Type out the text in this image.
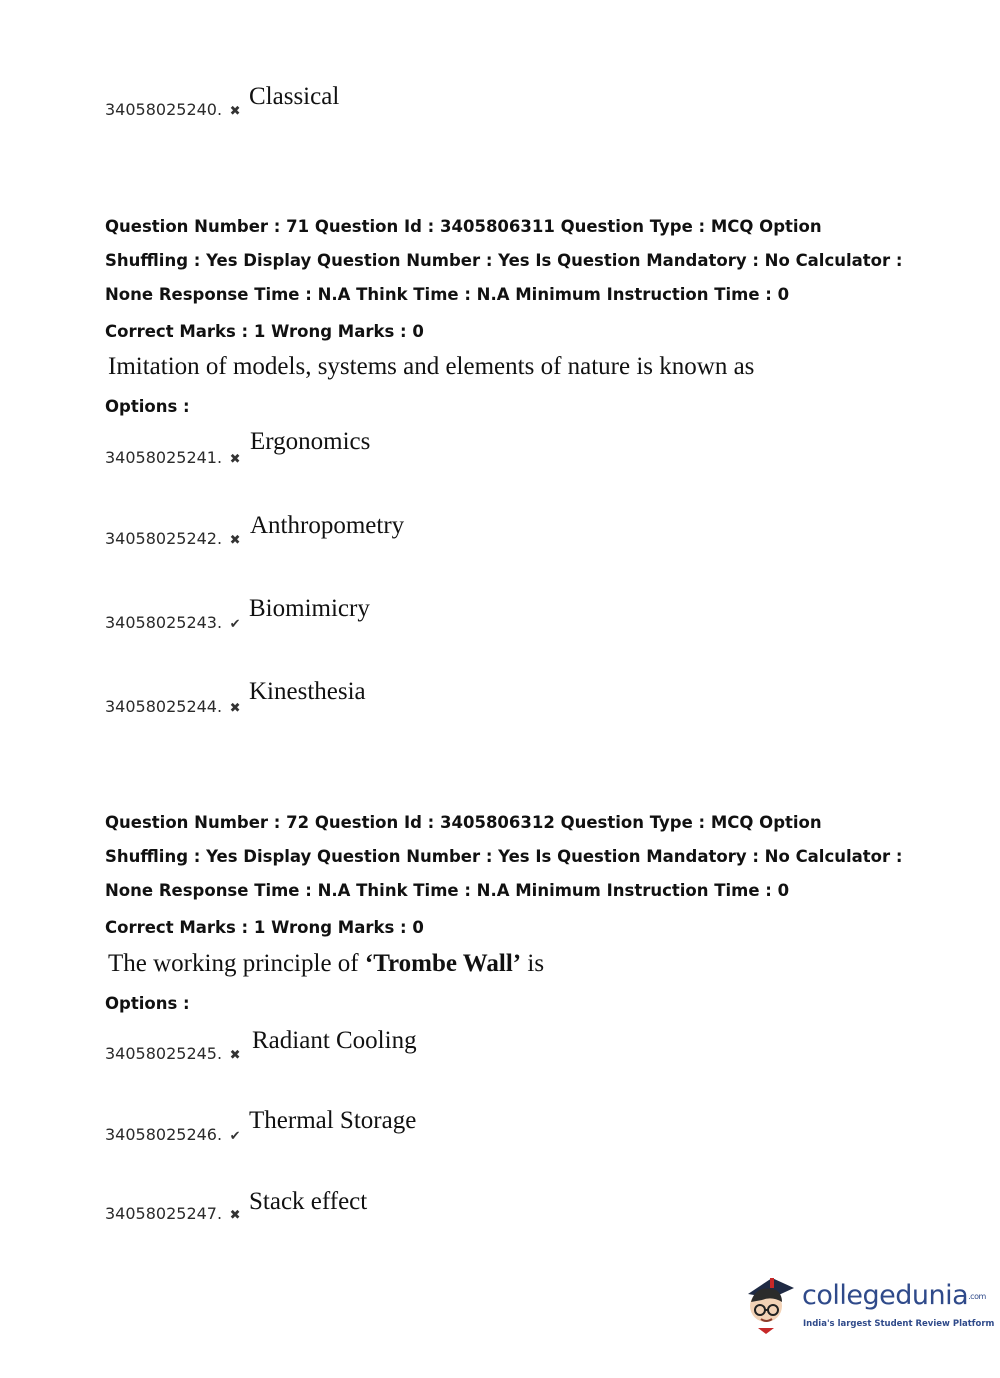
34058025240. ✖
Classical
Question Number : 71 Question Id : 3405806311 Question Type : MCQ Option Shuffling : Yes Display Question Number : Yes Is Question Mandatory : No Calculator : None Response Time : N.A Think Time : N.A Minimum Instruction Time : 0
Correct Marks : 1 Wrong Marks : 0
Imitation of models, systems and elements of nature is known as
Options :
34058025241. ✖
Ergonomics
34058025242. ✖
Anthropometry
34058025243. ✔
Biomimicry
34058025244. ✖
Kinesthesia
Question Number : 72 Question Id : 3405806312 Question Type : MCQ Option Shuffling : Yes Display Question Number : Yes Is Question Mandatory : No Calculator : None Response Time : N.A Think Time : N.A Minimum Instruction Time : 0
Correct Marks : 1 Wrong Marks : 0
The working principle of ‘Trombe Wall’ is
Options :
34058025245. ✖
Radiant Cooling
34058025246. ✔
Thermal Storage
34058025247. ✖
Stack effect
collegedunia.com
India's largest Student Review Platform
